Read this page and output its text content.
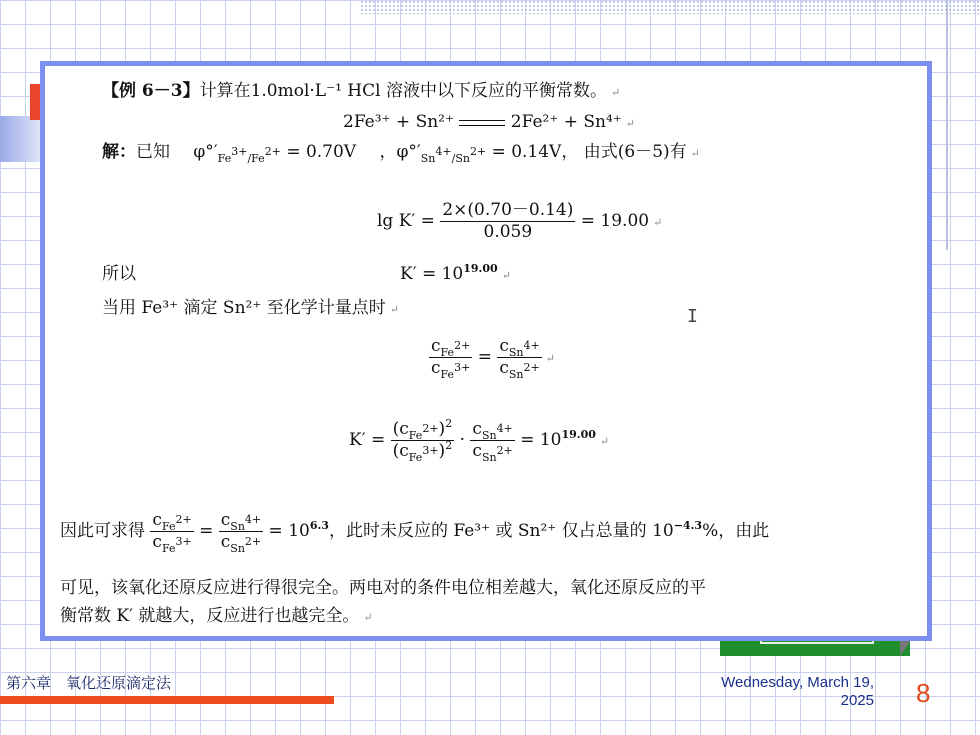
【例 6－3】计算在1.0mol·L⁻¹ HCl 溶液中以下反应的平衡常数。 ↵
2Fe³⁺ + Sn²⁺	2Fe²⁺ + Sn⁴⁺ ↵
解：已知 $\varphi^\circ'_{Fe^{3+}/Fe^{2+}} = 0.70V$ ，$\varphi^\circ'_{Sn^{4+}/Sn^{2+}} = 0.14V$， 由式(6－5)有 ↵
$\lg K' = \frac{2\times(0.70-0.14)}{0.059} = 19.00$ ↵
所以	$K' = 10^{19.00}↵$
当用 Fe³⁺ 滴定 Sn²⁺ 至化学计量点时 ↵	I
$\frac{c_{Fe^{2+}}}{c_{Fe^{3+}}} = \frac{c_{Sn^{4+}}}{c_{Sn^{2+}}}$ ↵
$K' = \frac{(c_{Fe^{2+}})^2}{(c_{Fe^{3+}})^2} \cdot \frac{c_{Sn^{4+}}}{c_{Sn^{2+}}}$ = $10^{19.00}↵$
因此可求得 $\frac{c_{Fe^{2+}}}{c_{Fe^{3+}}} = \frac{c_{Sn^{4+}}}{c_{Sn^{2+}}} = 10^{6.3}$，此时未反应的 Fe³⁺ 或 Sn²⁺ 仅占总量的 $10^{-4.3}\%$，由此
可见，该氧化还原反应进行得很完全。两电对的条件电位相差越大，氧化还原反应的平
衡常数 K′ 就越大，反应进行也越完全。 ↵
第六章　氧化还原滴定法	Wednesday, March 19, 2025 8
